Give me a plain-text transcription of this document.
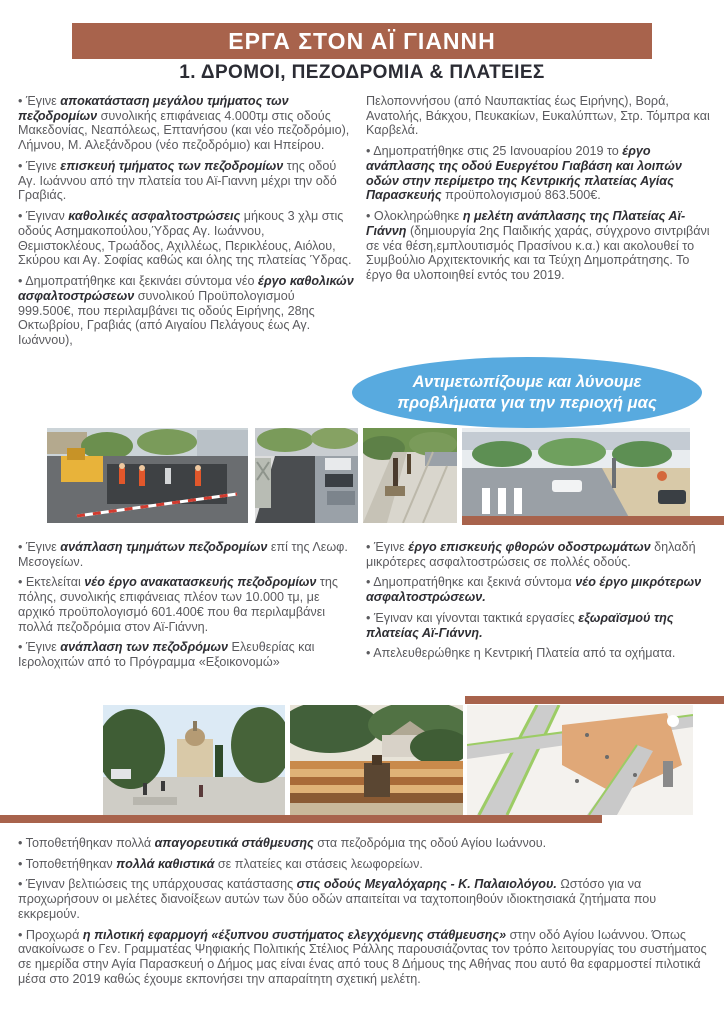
ΕΡΓΑ ΣΤΟΝ ΑΪ ΓΙΑΝΝΗ
1. ΔΡΟΜΟΙ, ΠΕΖΟΔΡΟΜΙΑ & ΠΛΑΤΕΙΕΣ

• Έγινε αποκατάσταση μεγάλου τμήματος των πεζοδρομίων συνολικής επιφάνειας 4.000τμ στις οδούς Μακεδονίας, Νεαπόλεως, Επτανήσου (και νέο πεζοδρόμιο), Λήμνου, Μ. Αλεξάνδρου (νέο πεζοδρόμιο) και Ηπείρου.

• Έγινε επισκευή τμήματος των πεζοδρομίων της οδού Αγ. Ιωάννου από την πλατεία του Αϊ-Γιαννη μέχρι την οδό Γραβιάς.

• Έγιναν καθολικές ασφαλτοστρώσεις μήκους 3 χλμ στις οδούς Ασημακοπούλου,Ύδρας Αγ. Ιωάννου, Θεμιστοκλέους, Τρωάδος, Αχιλλέως, Περικλέους, Αιόλου, Σκύρου και Αγ. Σοφίας καθώς και όλης της πλατείας Ύδρας.

• Δημοπρατήθηκε και ξεκινάει σύντομα νέο έργο καθολικών ασφαλτοστρώσεων συνολικού Προϋπολογισμού 999.500€, που περιλαμβάνει τις οδούς Ειρήνης, 28ης Οκτωβρίου, Γραβιάς (από Αιγαίου Πελάγους έως Αγ. Ιωάννου),

Πελοποννήσου (από Ναυπακτίας έως Ειρήνης), Βορά, Ανατολής, Βάκχου, Πευκακίων, Ευκαλύπτων, Στρ. Τόμπρα και Καρβελά.

• Δημοπρατήθηκε στις 25 Ιανουαρίου 2019 το έργο ανάπλασης της οδού Ευεργέτου Γιαβάση και λοιπών οδών στην περίμετρο της Κεντρικής πλατείας Αγίας Παρασκευής προϋπολογισμού 863.500€.

• Ολοκληρώθηκε η μελέτη ανάπλασης της Πλατείας Αϊ-Γιάννη (δημιουργία 2ης Παιδικής χαράς, σύγχρονο σιντριβάνι σε νέα θέση,εμπλουτισμός Πρασίνου κ.α.) και ακολουθεί το Συμβούλιο Αρχιτεκτονικής και τα Τεύχη Δημοπράτησης. Το έργο θα υλοποιηθεί εντός του 2019.

Αντιμετωπίζουμε και λύνουμε προβλήματα για την περιοχή μας

• Έγινε ανάπλαση τμημάτων πεζοδρομίων επί της Λεωφ. Μεσογείων.

• Εκτελείται νέο έργο ανακατασκευής πεζοδρομίων της πόλης, συνολικής επιφάνειας πλέον των 10.000 τμ, με αρχικό προϋπολογισμό 601.400€ που θα περιλαμβάνει πολλά πεζοδρόμια στον Αϊ-Γιάννη.

• Έγινε ανάπλαση των πεζοδρόμων Ελευθερίας και Ιερολοχιτών από το Πρόγραμμα «Εξοικονομώ»

• Έγινε έργο επισκευής φθορών οδοστρωμάτων δηλαδή μικρότερες ασφαλτοστρώσεις σε πολλές οδούς.

• Δημοπρατήθηκε και ξεκινά σύντομα νέο έργο μικρότερων ασφαλτοστρώσεων.

• Έγιναν και γίνονται τακτικά εργασίες εξωραϊσμού της πλατείας Αϊ-Γιάννη.

• Απελευθερώθηκε η Κεντρική Πλατεία από τα οχήματα.

• Τοποθετήθηκαν πολλά απαγορευτικά στάθμευσης στα πεζοδρόμια της οδού Αγίου Ιωάννου.

• Τοποθετήθηκαν πολλά καθιστικά σε πλατείες και στάσεις λεωφορείων.

• Έγιναν βελτιώσεις της υπάρχουσας κατάστασης στις οδούς Μεγαλόχαρης - Κ. Παλαιολόγου. Ωστόσο για να προχωρήσουν οι μελέτες διανοίξεων αυτών των δύο οδών απαιτείται να ταχτοποιηθούν ιδιοκτησιακά ζητήματα που εκκρεμούν.

• Προχωρά η πιλοτική εφαρμογή «έξυπνου συστήματος ελεγχόμενης στάθμευσης» στην οδό Αγίου Ιωάννου. Όπως ανακοίνωσε ο Γεν. Γραμματέας Ψηφιακής Πολιτικής Στέλιος Ράλλης παρουσιάζοντας τον τρόπο λειτουργίας του συστήματος σε ημερίδα στην Αγία Παρασκευή ο Δήμος μας είναι ένας από τους 8 Δήμους της Αθήνας που αυτό θα εφαρμοστεί πιλοτικά μέσα στο 2019 καθώς έχουμε εκπονήσει την απαραίτητη σχετική μελέτη.
